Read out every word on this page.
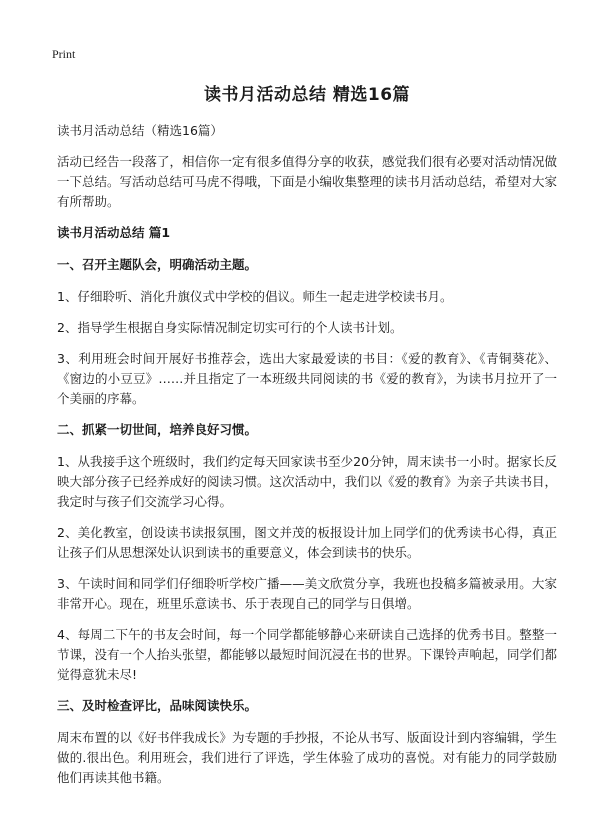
Print
读书月活动总结 精选16篇
读书月活动总结（精选16篇）

活动已经告一段落了，相信你一定有很多值得分享的收获，感觉我们很有必要对活动情况做一下总结。写活动总结可马虎不得哦，下面是小编收集整理的读书月活动总结，希望对大家有所帮助。

读书月活动总结 篇1
一、召开主题队会，明确活动主题。

1、仔细聆听、消化升旗仪式中学校的倡议。师生一起走进学校读书月。

2、指导学生根据自身实际情况制定切实可行的个人读书计划。

3、利用班会时间开展好书推荐会，选出大家最爱读的书目：《爱的教育》、《青铜葵花》、《窗边的小豆豆》……并且指定了一本班级共同阅读的书《爱的教育》，为读书月拉开了一个美丽的序幕。

二、抓紧一切世间，培养良好习惯。

1、从我接手这个班级时，我们约定每天回家读书至少20分钟，周末读书一小时。据家长反映大部分孩子已经养成好的阅读习惯。这次活动中，我们以《爱的教育》为亲子共读书目，我定时与孩子们交流学习心得。

2、美化教室，创设读书读报氛围，图文并茂的板报设计加上同学们的优秀读书心得，真正让孩子们从思想深处认识到读书的重要意义，体会到读书的快乐。

3、午读时间和同学们仔细聆听学校广播——美文欣赏分享，我班也投稿多篇被录用。大家非常开心。现在，班里乐意读书、乐于表现自己的同学与日俱增。

4、每周二下午的书友会时间，每一个同学都能够静心来研读自己选择的优秀书目。整整一节课，没有一个人抬头张望，都能够以最短时间沉浸在书的世界。下课铃声响起，同学们都觉得意犹未尽!

三、及时检查评比，品味阅读快乐。

周末布置的以《好书伴我成长》为专题的手抄报，不论从书写、版面设计到内容编辑，学生做的.很出色。利用班会，我们进行了评选，学生体验了成功的喜悦。对有能力的同学鼓励他们再读其他书籍。
